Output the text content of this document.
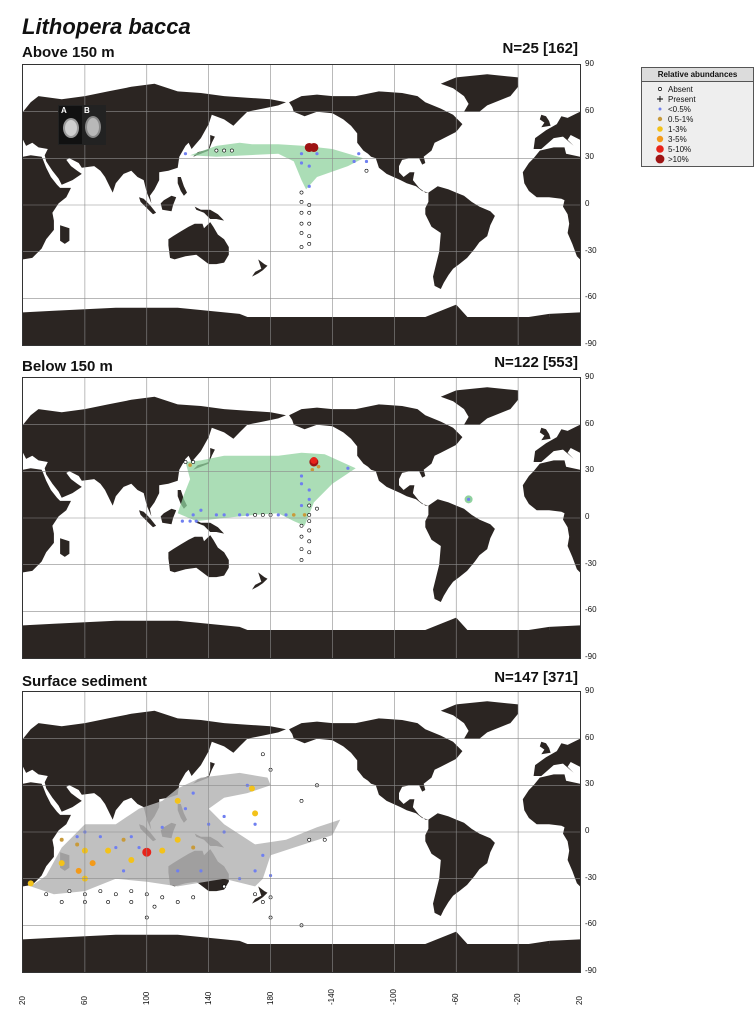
Lithopera bacca
Above 150 m	N=25 [162]
Below 150 m	N=122 [553]
Surface sediment	N=147 [371]
A B
90
60
30
0
-30
-60
-90
90
60
30
0
-30
-60
-90
90
60
30
0
-30
-60
-90
20	60	100	140	180	-140	-100	-60	-20	20
Relative abundances
Absent
Present
<0.5%
0.5-1%
1-3%
3-5%
5-10%
>10%
